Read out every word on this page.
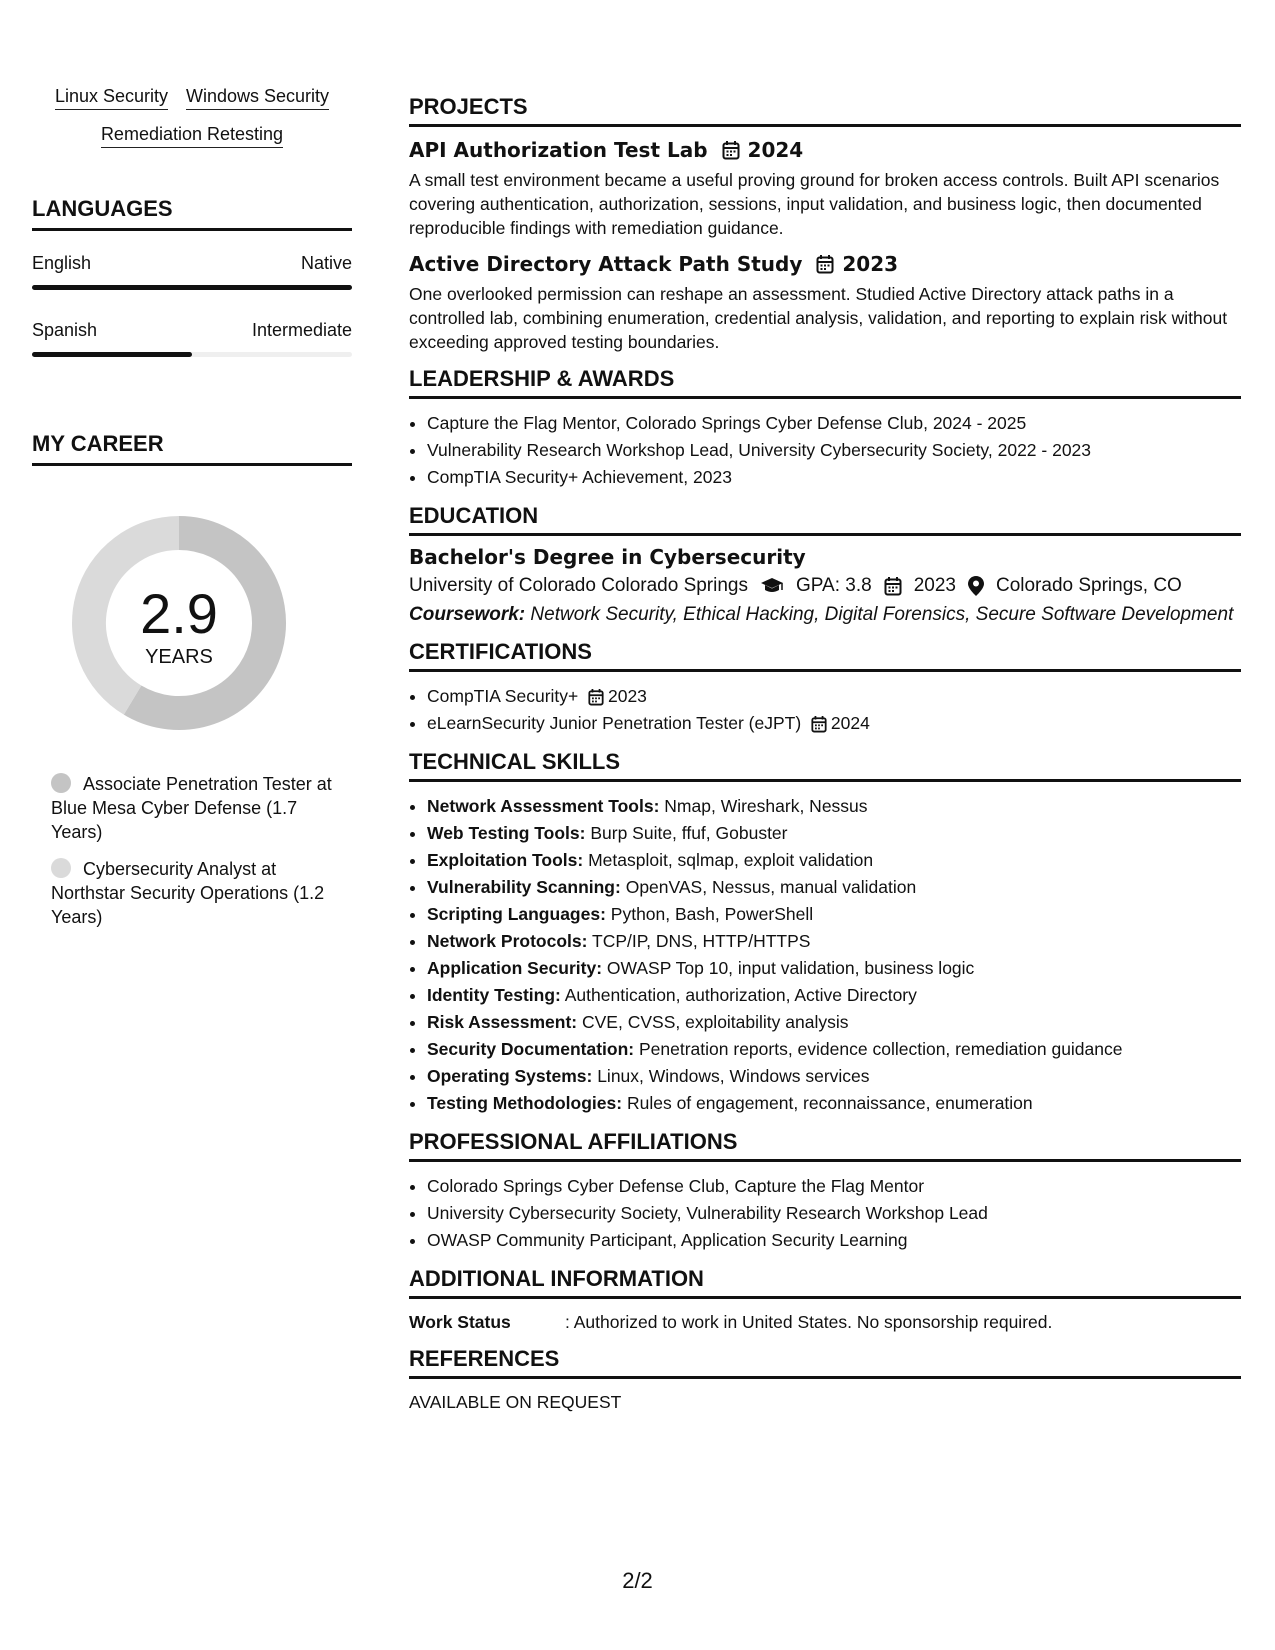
Linux Security Windows Security
Remediation Retesting
LANGUAGES
English	Native
Spanish	Intermediate
MY CAREER
2.9
YEARS
Associate Penetration Tester at Blue Mesa Cyber Defense (1.7 Years)
Cybersecurity Analyst at Northstar Security Operations (1.2 Years)
PROJECTS
API Authorization Test Lab 2024
A small test environment became a useful proving ground for broken access controls. Built API scenarios covering authentication, authorization, sessions, input validation, and business logic, then documented reproducible findings with remediation guidance.
Active Directory Attack Path Study 2023
One overlooked permission can reshape an assessment. Studied Active Directory attack paths in a controlled lab, combining enumeration, credential analysis, validation, and reporting to explain risk without exceeding approved testing boundaries.
LEADERSHIP & AWARDS
• Capture the Flag Mentor, Colorado Springs Cyber Defense Club, 2024 - 2025
• Vulnerability Research Workshop Lead, University Cybersecurity Society, 2022 - 2023
• CompTIA Security+ Achievement, 2023
EDUCATION
Bachelor's Degree in Cybersecurity
University of Colorado Colorado Springs	GPA: 3.8 2023 Colorado Springs, CO
Coursework: Network Security, Ethical Hacking, Digital Forensics, Secure Software Development
CERTIFICATIONS
• CompTIA Security+ 2023
• eLearnSecurity Junior Penetration Tester (eJPT) 2024
TECHNICAL SKILLS
• Network Assessment Tools: Nmap, Wireshark, Nessus
• Web Testing Tools: Burp Suite, ffuf, Gobuster
• Exploitation Tools: Metasploit, sqlmap, exploit validation
• Vulnerability Scanning: OpenVAS, Nessus, manual validation
• Scripting Languages: Python, Bash, PowerShell
• Network Protocols: TCP/IP, DNS, HTTP/HTTPS
• Application Security: OWASP Top 10, input validation, business logic
• Identity Testing: Authentication, authorization, Active Directory
• Risk Assessment: CVE, CVSS, exploitability analysis
• Security Documentation: Penetration reports, evidence collection, remediation guidance
• Operating Systems: Linux, Windows, Windows services
• Testing Methodologies: Rules of engagement, reconnaissance, enumeration
PROFESSIONAL AFFILIATIONS
• Colorado Springs Cyber Defense Club, Capture the Flag Mentor
• University Cybersecurity Society, Vulnerability Research Workshop Lead
• OWASP Community Participant, Application Security Learning
ADDITIONAL INFORMATION
Work Status	: Authorized to work in United States. No sponsorship required.
REFERENCES
AVAILABLE ON REQUEST
2/2
